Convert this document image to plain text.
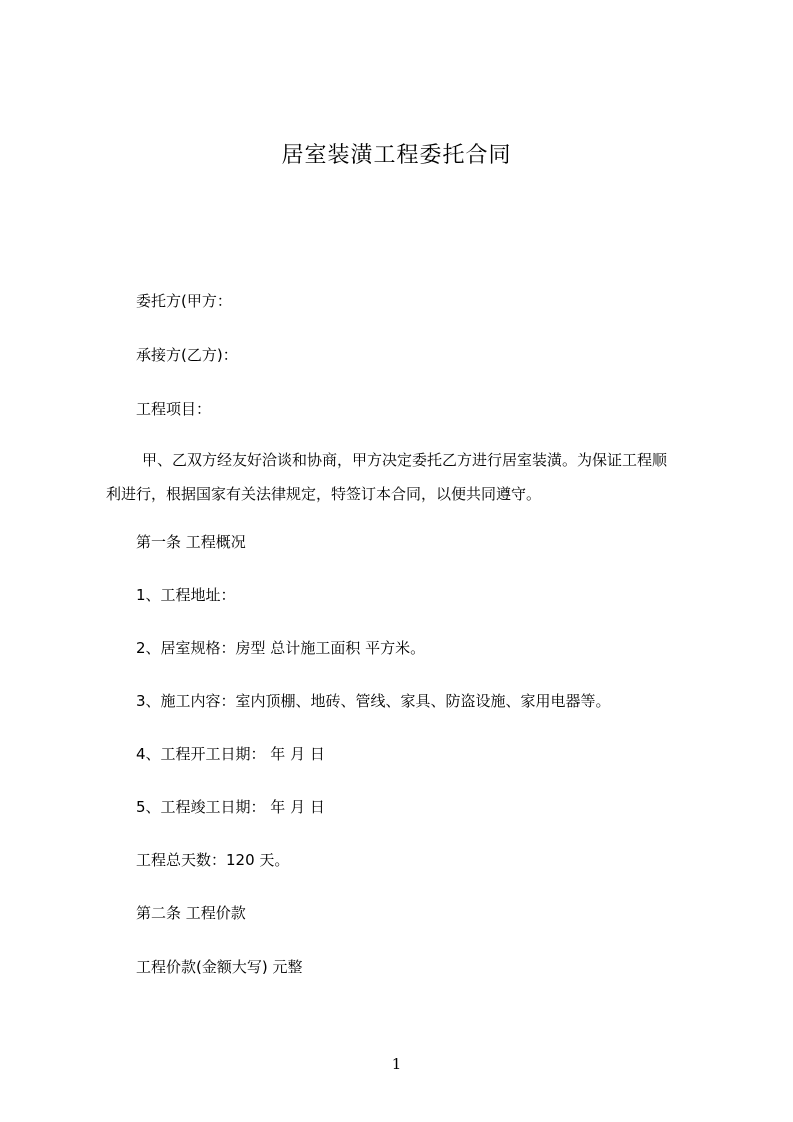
居室装潢工程委托合同
委托方(甲方：
承接方(乙方)：
工程项目：
甲、乙双方经友好洽谈和协商，甲方决定委托乙方进行居室装潢。为保证工程顺
利进行，根据国家有关法律规定，特签订本合同，以便共同遵守。
第一条 工程概况
1、工程地址：
2、居室规格：房型 总计施工面积 平方米。
3、施工内容：室内顶棚、地砖、管线、家具、防盗设施、家用电器等。
4、工程开工日期： 年 月 日
5、工程竣工日期： 年 月 日
工程总天数：120 天。
第二条 工程价款
工程价款(金额大写) 元整
1
